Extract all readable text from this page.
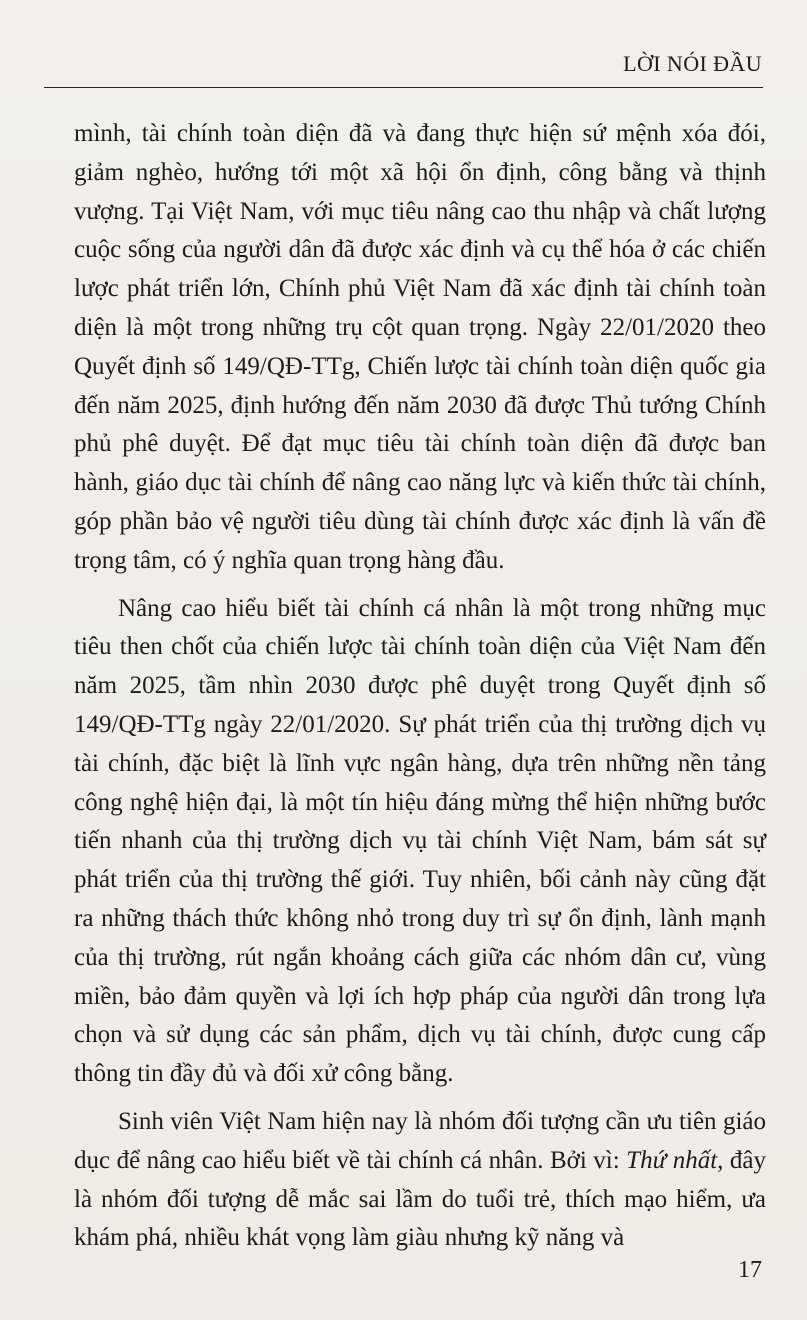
LỜI NÓI ĐẦU

mình, tài chính toàn diện đã và đang thực hiện sứ mệnh xóa đói, giảm nghèo, hướng tới một xã hội ổn định, công bằng và thịnh vượng. Tại Việt Nam, với mục tiêu nâng cao thu nhập và chất lượng cuộc sống của người dân đã được xác định và cụ thể hóa ở các chiến lược phát triển lớn, Chính phủ Việt Nam đã xác định tài chính toàn diện là một trong những trụ cột quan trọng. Ngày 22/01/2020 theo Quyết định số 149/QĐ-TTg, Chiến lược tài chính toàn diện quốc gia đến năm 2025, định hướng đến năm 2030 đã được Thủ tướng Chính phủ phê duyệt. Để đạt mục tiêu tài chính toàn diện đã được ban hành, giáo dục tài chính để nâng cao năng lực và kiến thức tài chính, góp phần bảo vệ người tiêu dùng tài chính được xác định là vấn đề trọng tâm, có ý nghĩa quan trọng hàng đầu.

Nâng cao hiểu biết tài chính cá nhân là một trong những mục tiêu then chốt của chiến lược tài chính toàn diện của Việt Nam đến năm 2025, tầm nhìn 2030 được phê duyệt trong Quyết định số 149/QĐ-TTg ngày 22/01/2020. Sự phát triển của thị trường dịch vụ tài chính, đặc biệt là lĩnh vực ngân hàng, dựa trên những nền tảng công nghệ hiện đại, là một tín hiệu đáng mừng thể hiện những bước tiến nhanh của thị trường dịch vụ tài chính Việt Nam, bám sát sự phát triển của thị trường thế giới. Tuy nhiên, bối cảnh này cũng đặt ra những thách thức không nhỏ trong duy trì sự ổn định, lành mạnh của thị trường, rút ngắn khoảng cách giữa các nhóm dân cư, vùng miền, bảo đảm quyền và lợi ích hợp pháp của người dân trong lựa chọn và sử dụng các sản phẩm, dịch vụ tài chính, được cung cấp thông tin đầy đủ và đối xử công bằng.

Sinh viên Việt Nam hiện nay là nhóm đối tượng cần ưu tiên giáo dục để nâng cao hiểu biết về tài chính cá nhân. Bởi vì: Thứ nhất, đây là nhóm đối tượng dễ mắc sai lầm do tuổi trẻ, thích mạo hiểm, ưa khám phá, nhiều khát vọng làm giàu nhưng kỹ năng và

17
